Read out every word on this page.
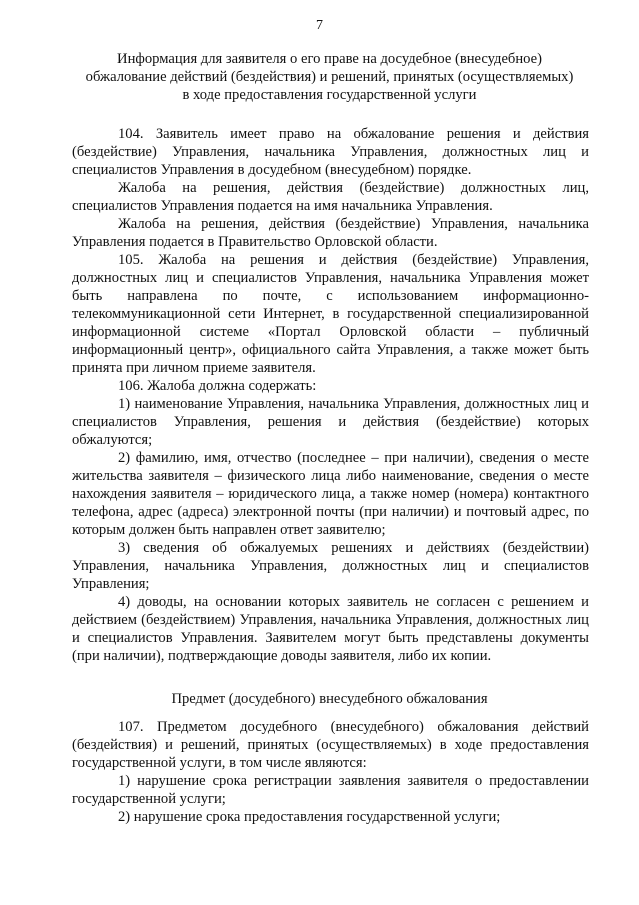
7
Информация для заявителя о его праве на досудебное (внесудебное)
обжалование действий (бездействия) и решений, принятых (осуществляемых)
в ходе предоставления государственной услуги

104. Заявитель имеет право на обжалование решения и действия (бездействие) Управления, начальника Управления, должностных лиц и специалистов Управления в досудебном (внесудебном) порядке.

Жалоба на решения, действия (бездействие) должностных лиц, специалистов Управления подается на имя начальника Управления.

Жалоба на решения, действия (бездействие) Управления, начальника Управления подается в Правительство Орловской области.

105. Жалоба на решения и действия (бездействие) Управления, должностных лиц и специалистов Управления, начальника Управления может быть направлена по почте, с использованием информационно-телекоммуникационной сети Интернет, в государственной специализированной информационной системе «Портал Орловской области – публичный информационный центр», официального сайта Управления, а также может быть принята при личном приеме заявителя.

106. Жалоба должна содержать:

1) наименование Управления, начальника Управления, должностных лиц и специалистов Управления, решения и действия (бездействие) которых обжалуются;

2) фамилию, имя, отчество (последнее – при наличии), сведения о месте жительства заявителя – физического лица либо наименование, сведения о месте нахождения заявителя – юридического лица, а также номер (номера) контактного телефона, адрес (адреса) электронной почты (при наличии) и почтовый адрес, по которым должен быть направлен ответ заявителю;

3) сведения об обжалуемых решениях и действиях (бездействии) Управления, начальника Управления, должностных лиц и специалистов Управления;

4) доводы, на основании которых заявитель не согласен с решением и действием (бездействием) Управления, начальника Управления, должностных лиц и специалистов Управления. Заявителем могут быть представлены документы (при наличии), подтверждающие доводы заявителя, либо их копии.

Предмет (досудебного) внесудебного обжалования

107. Предметом досудебного (внесудебного) обжалования действий (бездействия) и решений, принятых (осуществляемых) в ходе предоставления государственной услуги, в том числе являются:

1) нарушение срока регистрации заявления заявителя о предоставлении государственной услуги;

2) нарушение срока предоставления государственной услуги;
